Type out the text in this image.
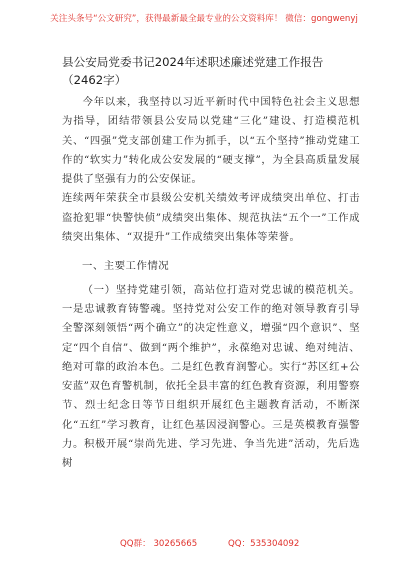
关注头条号“公文研究”，获得最新最全最专业的公文资料库！ 微信：gongwenyj
县公安局党委书记2024年述职述廉述党建工作报告（2462字）

今年以来，我坚持以习近平新时代中国特色社会主义思想为指导，团结带领县公安局以党建“三化”建设、打造模范机关、“四强”党支部创建工作为抓手，以“五个坚持”推动党建工作的“软实力”转化成公安发展的“硬支撑”，为全县高质量发展提供了坚强有力的公安保证。

连续两年荣获全市县级公安机关绩效考评成绩突出单位、打击盗抢犯罪“快警快侦”成绩突出集体、规范执法“五个一”工作成绩突出集体、“双提升”工作成绩突出集体等荣誉。

一、主要工作情况

（一）坚持党建引领，高站位打造对党忠诚的模范机关。一是忠诚教育铸警魂。坚持党对公安工作的绝对领导教育引导全警深刻领悟“两个确立”的决定性意义，增强“四个意识”、坚定“四个自信”、做到“两个维护”，永葆绝对忠诚、绝对纯洁、绝对可靠的政治本色。二是红色教育润警心。实行“苏区红+公安蓝”双色育警机制，依托全县丰富的红色教育资源，利用警察节、烈士纪念日等节日组织开展红色主题教育活动，不断深化“五红”学习教育，让红色基因浸润警心。三是英模教育强警力。积极开展“崇尚先进、学习先进、争当先进”活动，先后选树

QQ群： 30265665	QQ：535304092
